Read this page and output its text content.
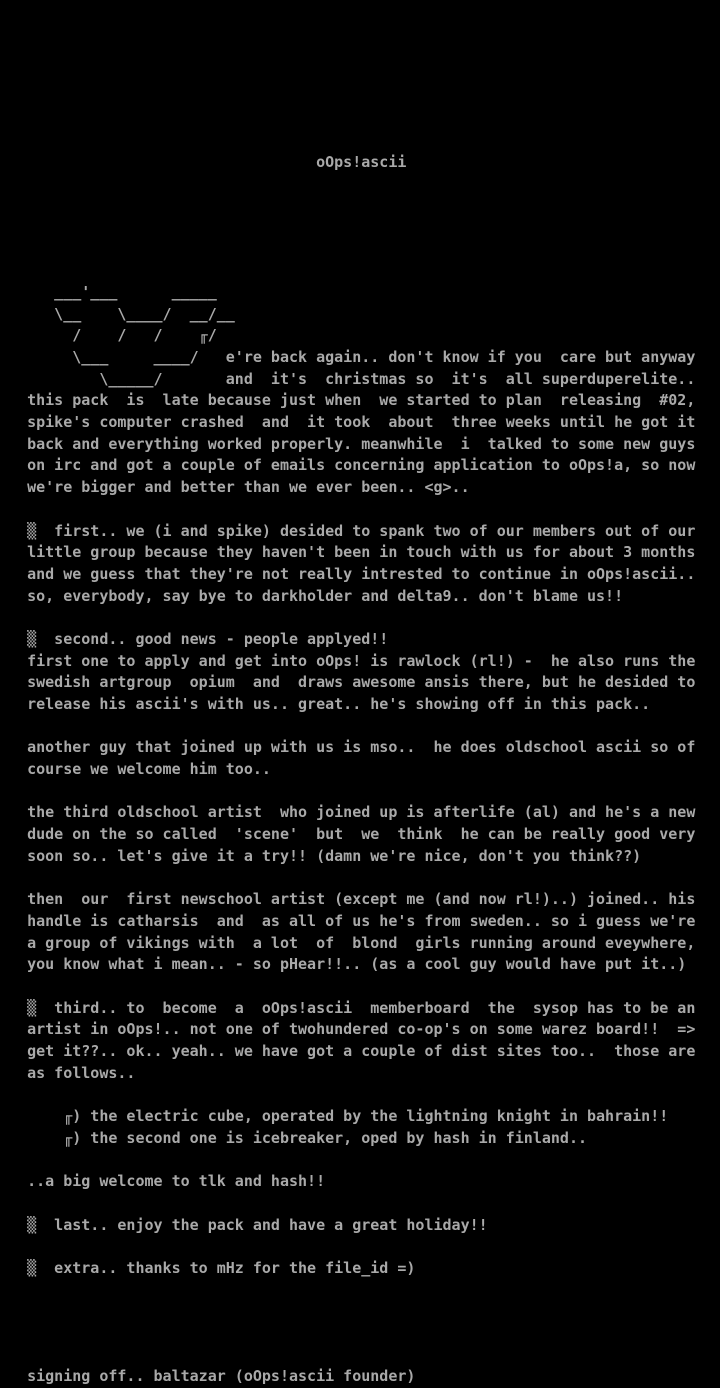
oOps!ascii
___'___      _____
\__    \____/  __/__
/    /   /    ╓/
\___     ____/   e're back again.. don't know if you  care but anyway
\_____/       and  it's  christmas so  it's  all superduperelite..
this pack  is  late because just when  we started to plan  releasing  #02,
spike's computer crashed  and  it took  about  three weeks until he got it
back and everything worked properly. meanwhile  i  talked to some new guys
on irc and got a couple of emails concerning application to oOps!a, so now
we're bigger and better than we ever been.. <g>..
▒  first.. we (i and spike) desided to spank two of our members out of our
little group because they haven't been in touch with us for about 3 months
and we guess that they're not really intrested to continue in oOps!ascii..
so, everybody, say bye to darkholder and delta9.. don't blame us!!
▒  second.. good news - people applyed!!
first one to apply and get into oOps! is rawlock (rl!) -  he also runs the
swedish artgroup  opium  and  draws awesome ansis there, but he desided to
release his ascii's with us.. great.. he's showing off in this pack..
another guy that joined up with us is mso..  he does oldschool ascii so of
course we welcome him too..
the third oldschool artist  who joined up is afterlife (al) and he's a new
dude on the so called  'scene'  but  we  think  he can be really good very
soon so.. let's give it a try!! (damn we're nice, don't you think??)
then  our  first newschool artist (except me (and now rl!)..) joined.. his
handle is catharsis  and  as all of us he's from sweden.. so i guess we're
a group of vikings with  a lot  of  blond  girls running around eveywhere,
you know what i mean.. - so pHear!!.. (as a cool guy would have put it..)
▒  third.. to  become  a  oOps!ascii  memberboard  the  sysop has to be an
artist in oOps!.. not one of twohundered co-op's on some warez board!!  =>
get it??.. ok.. yeah.. we have got a couple of dist sites too..  those are
as follows..
╓) the electric cube, operated by the lightning knight in bahrain!!
╓) the second one is icebreaker, oped by hash in finland..
..a big welcome to tlk and hash!!
▒  last.. enjoy the pack and have a great holiday!!
▒  extra.. thanks to mHz for the file_id =)
signing off.. baltazar (oOps!ascii founder)
